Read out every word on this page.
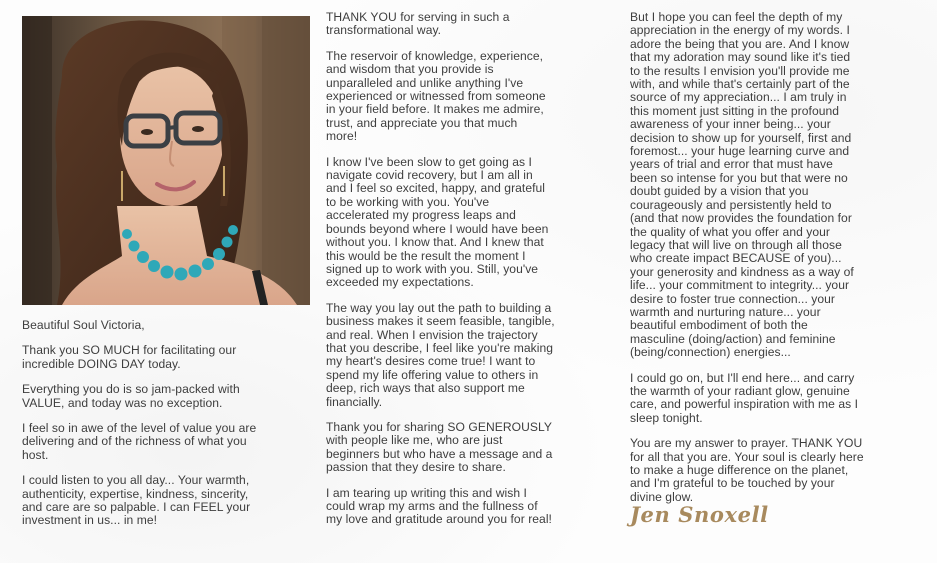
Beautiful Soul Victoria,

Thank you SO MUCH for facilitating our
incredible DOING DAY today.

Everything you do is so jam-packed with
VALUE, and today was no exception.

I feel so in awe of the level of value you are
delivering and of the richness of what you
host.

I could listen to you all day... Your warmth,
authenticity, expertise, kindness, sincerity,
and care are so palpable. I can FEEL your
investment in us... in me!

THANK YOU for serving in such a
transformational way.

The reservoir of knowledge, experience,
and wisdom that you provide is
unparalleled and unlike anything I've
experienced or witnessed from someone
in your field before. It makes me admire,
trust, and appreciate you that much
more!

I know I've been slow to get going as I
navigate covid recovery, but I am all in
and I feel so excited, happy, and grateful
to be working with you. You've
accelerated my progress leaps and
bounds beyond where I would have been
without you. I know that. And I knew that
this would be the result the moment I
signed up to work with you. Still, you've
exceeded my expectations.

The way you lay out the path to building a
business makes it seem feasible, tangible,
and real. When I envision the trajectory
that you describe, I feel like you're making
my heart's desires come true! I want to
spend my life offering value to others in
deep, rich ways that also support me
financially.

Thank you for sharing SO GENEROUSLY
with people like me, who are just
beginners but who have a message and a
passion that they desire to share.

I am tearing up writing this and wish I
could wrap my arms and the fullness of
my love and gratitude around you for real!

But I hope you can feel the depth of my
appreciation in the energy of my words. I
adore the being that you are. And I know
that my adoration may sound like it's tied
to the results I envision you'll provide me
with, and while that's certainly part of the
source of my appreciation... I am truly in
this moment just sitting in the profound
awareness of your inner being... your
decision to show up for yourself, first and
foremost... your huge learning curve and
years of trial and error that must have
been so intense for you but that were no
doubt guided by a vision that you
courageously and persistently held to
(and that now provides the foundation for
the quality of what you offer and your
legacy that will live on through all those
who create impact BECAUSE of you)...
your generosity and kindness as a way of
life... your commitment to integrity... your
desire to foster true connection... your
warmth and nurturing nature... your
beautiful embodiment of both the
masculine (doing/action) and feminine
(being/connection) energies...

I could go on, but I'll end here... and carry
the warmth of your radiant glow, genuine
care, and powerful inspiration with me as I
sleep tonight.

You are my answer to prayer. THANK YOU
for all that you are. Your soul is clearly here
to make a huge difference on the planet,
and I'm grateful to be touched by your
divine glow.

Jen Snoxell
